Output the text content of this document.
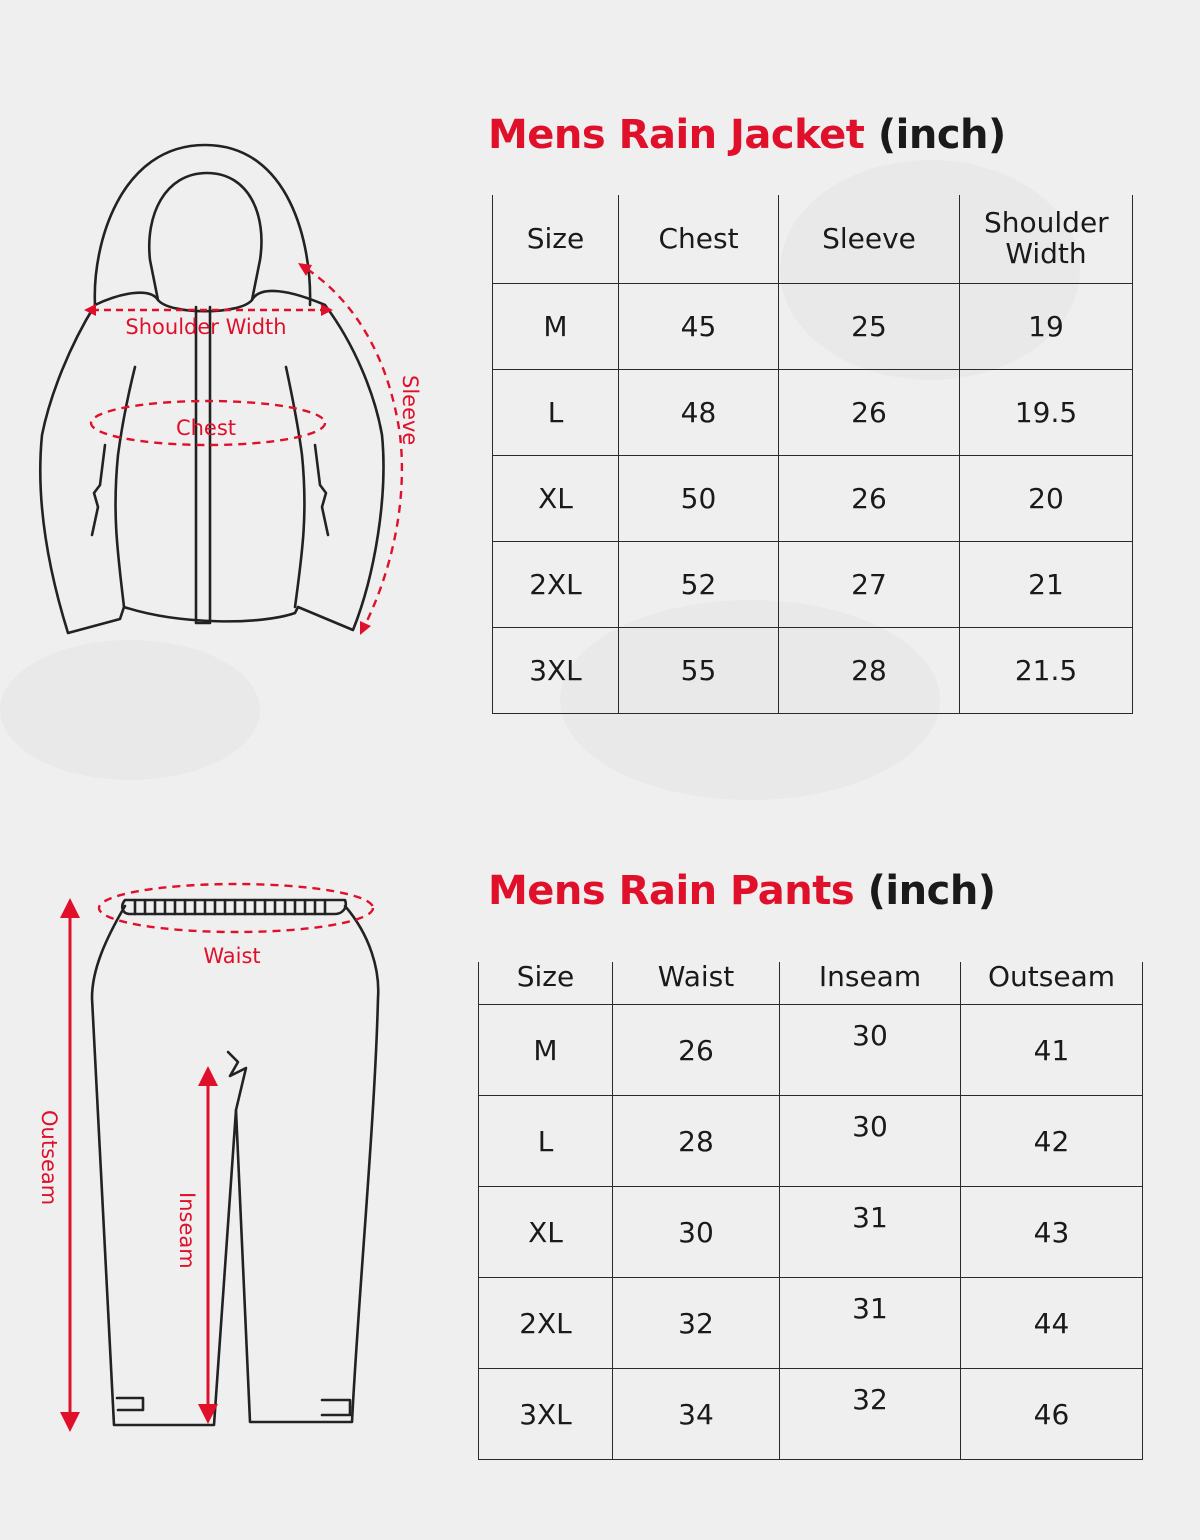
Shoulder Width
Chest	Sleeve
Mens Rain Jacket (inch)
Size	Chest	Sleeve	Shoulder Width
M	45	25	19
L	48	26	19.5
XL	50	26	20
2XL	52	27	21
3XL	55	28	21.5
Waist
Outseam
Inseam
Mens Rain Pants (inch)
Size	Waist	Inseam	Outseam
M	26	30	41
L	28	30	42
XL	30	31	43
2XL	32	31	44
3XL	34	32	46
